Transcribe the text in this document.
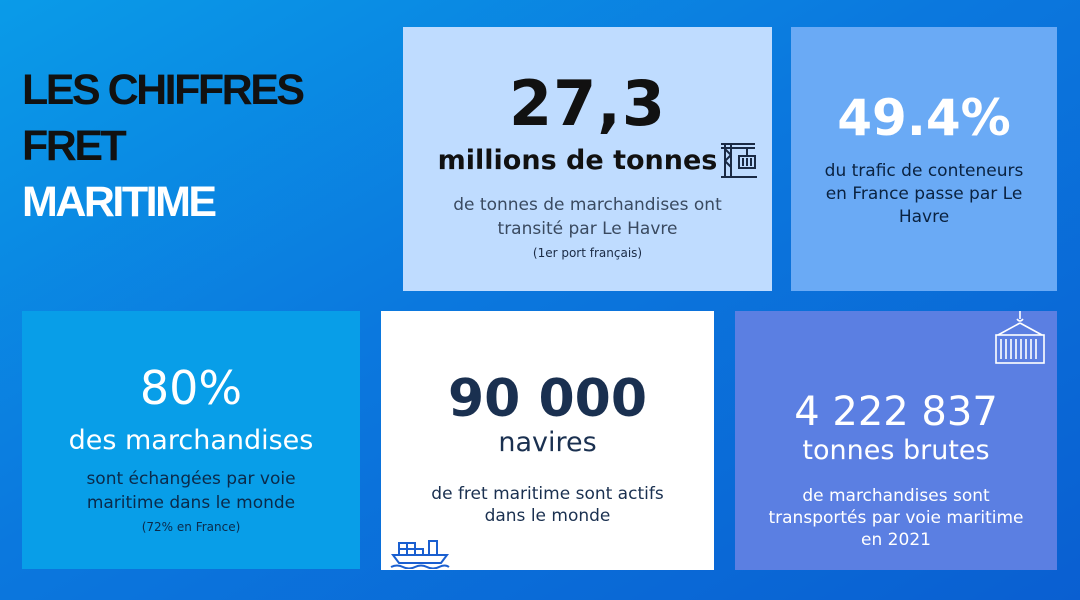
LES CHIFFRES
FRET
MARITIME
27,3
millions de tonnes
de tonnes de marchandises ont
transité par Le Havre
(1er port français)
49.4%
du trafic de conteneurs
en France passe par Le
Havre
80%
des marchandises
sont échangées par voie
maritime dans le monde
(72% en France)
90 000
navires
de fret maritime sont actifs
dans le monde
4 222 837
tonnes brutes
de marchandises sont
transportés par voie maritime
en 2021
